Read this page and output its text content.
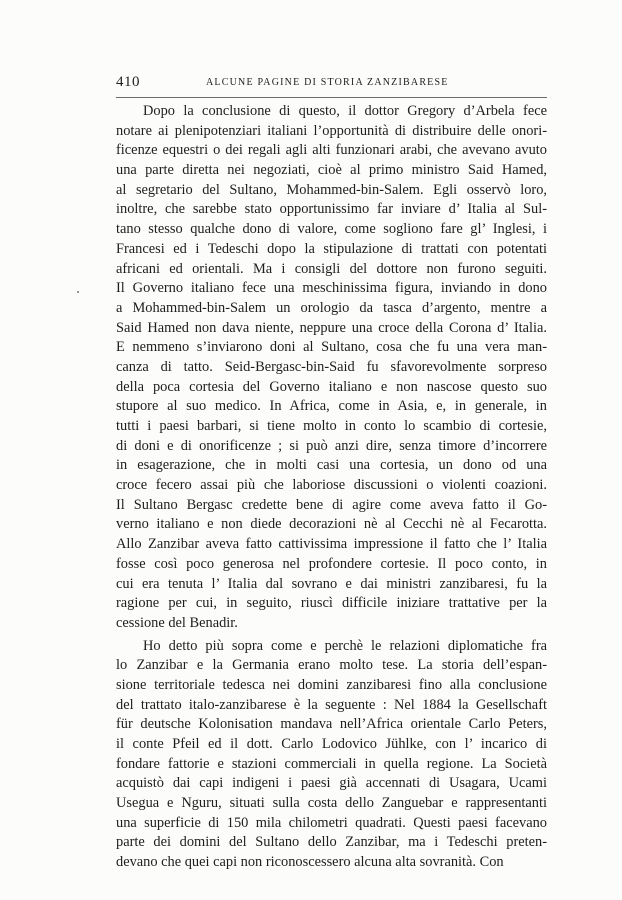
410	ALCUNE PAGINE DI STORIA ZANZIBARESE
Dopo la conclusione di questo, il dottor Gregory d’Arbela fece
notare ai plenipotenziari italiani l’opportunità di distribuire delle onori-
ficenze equestri o dei regali agli alti funzionari arabi, che avevano avuto
una parte diretta nei negoziati, cioè al primo ministro Said Hamed,
al segretario del Sultano, Mohammed-bin-Salem. Egli osservò loro,
inoltre, che sarebbe stato opportunissimo far inviare d’ Italia al Sul-
tano stesso qualche dono di valore, come sogliono fare gl’ Inglesi, i
Francesi ed i Tedeschi dopo la stipulazione di trattati con potentati
africani ed orientali. Ma i consigli del dottore non furono seguiti.
Il Governo italiano fece una meschinissima figura, inviando in dono
a Mohammed-bin-Salem un orologio da tasca d’argento, mentre a
Said Hamed non dava niente, neppure una croce della Corona d’ Italia.
E nemmeno s’inviarono doni al Sultano, cosa che fu una vera man-
canza di tatto. Seid-Bergasc-bin-Said fu sfavorevolmente sorpreso
della poca cortesia del Governo italiano e non nascose questo suo
stupore al suo medico. In Africa, come in Asia, e, in generale, in
tutti i paesi barbari, si tiene molto in conto lo scambio di cortesie,
di doni e di onorificenze ; si può anzi dire, senza timore d’incorrere
in esagerazione, che in molti casi una cortesia, un dono od una
croce fecero assai più che laboriose discussioni o violenti coazioni.
Il Sultano Bergasc credette bene di agire come aveva fatto il Go-
verno italiano e non diede decorazioni nè al Cecchi nè al Fecarotta.
Allo Zanzibar aveva fatto cattivissima impressione il fatto che l’ Italia
fosse così poco generosa nel profondere cortesie. Il poco conto, in
cui era tenuta l’ Italia dal sovrano e dai ministri zanzibaresi, fu la
ragione per cui, in seguito, riuscì difficile iniziare trattative per la
cessione del Benadir.
Ho detto più sopra come e perchè le relazioni diplomatiche fra
lo Zanzibar e la Germania erano molto tese. La storia dell’espan-
sione territoriale tedesca nei domini zanzibaresi fino alla conclusione
del trattato italo-zanzibarese è la seguente : Nel 1884 la Gesellschaft
für deutsche Kolonisation mandava nell’Africa orientale Carlo Peters,
il conte Pfeil ed il dott. Carlo Lodovico Jühlke, con l’ incarico di
fondare fattorie e stazioni commerciali in quella regione. La Società
acquistò dai capi indigeni i paesi già accennati di Usagara, Ucami
Usegua e Nguru, situati sulla costa dello Zanguebar e rappresentanti
una superficie di 150 mila chilometri quadrati. Questi paesi facevano
parte dei domini del Sultano dello Zanzibar, ma i Tedeschi preten-
devano che quei capi non riconoscessero alcuna alta sovranità. Con
